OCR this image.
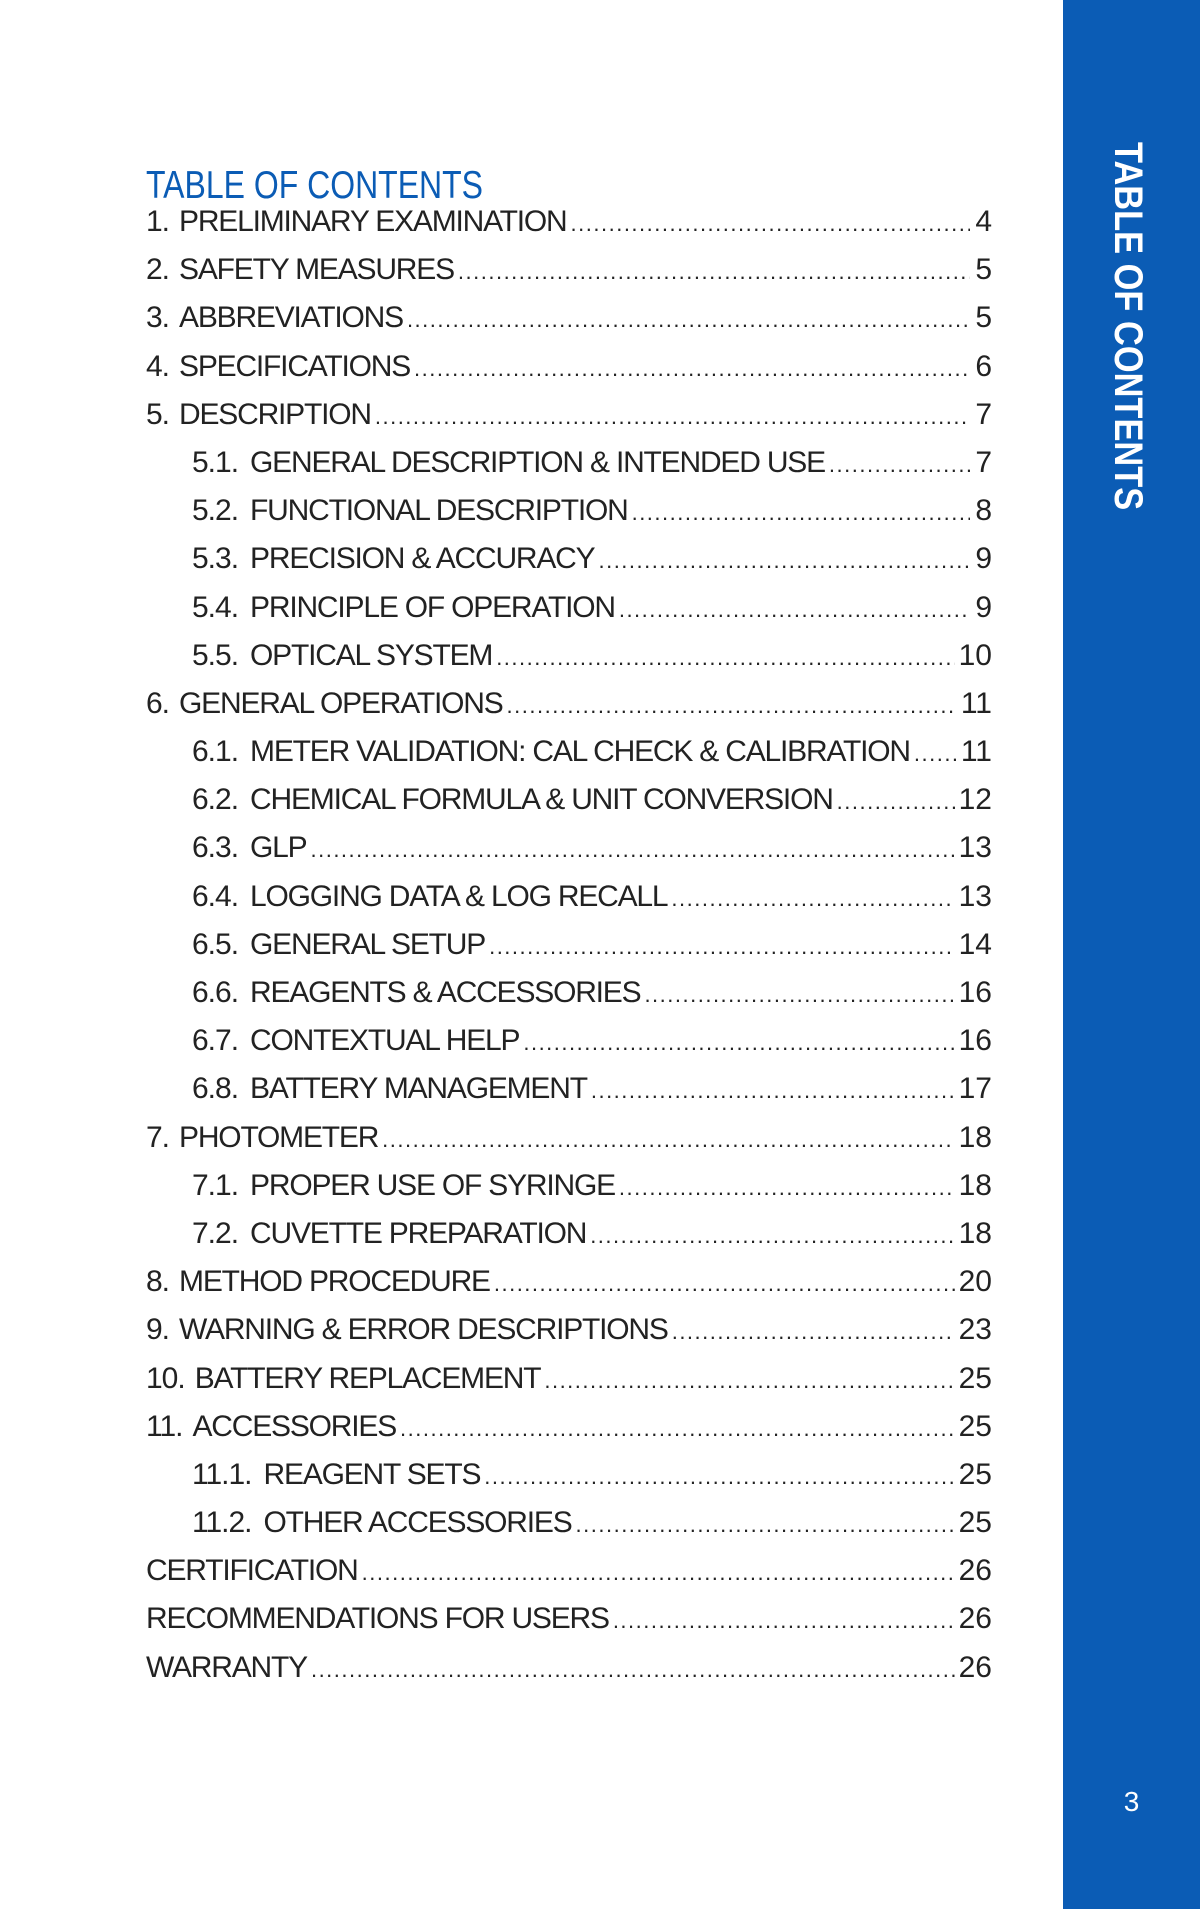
TABLE OF CONTENTS
1. PRELIMINARY EXAMINATION .....	4
2. SAFETY MEASURES .....	5
3. ABBREVIATIONS .....	5
4. SPECIFICATIONS .....	6
5. DESCRIPTION .....	7
5.1. GENERAL DESCRIPTION & INTENDED USE .....	7
5.2. FUNCTIONAL DESCRIPTION .....	8
5.3. PRECISION & ACCURACY .....	9
5.4. PRINCIPLE OF OPERATION .....	9
5.5. OPTICAL SYSTEM .....	10
6. GENERAL OPERATIONS .....	11
6.1. METER VALIDATION: CAL CHECK & CALIBRATION ..... 11
6.2. CHEMICAL FORMULA & UNIT CONVERSION .....	12
6.3. GLP .....	13
6.4. LOGGING DATA & LOG RECALL .....	13
6.5. GENERAL SETUP .....	14
6.6. REAGENTS & ACCESSORIES .....	16
6.7. CONTEXTUAL HELP .....	16
6.8. BATTERY MANAGEMENT .....	17
7. PHOTOMETER .....	18
7.1. PROPER USE OF SYRINGE .....	18
7.2. CUVETTE PREPARATION .....	18
8. METHOD PROCEDURE .....	20
9. WARNING & ERROR DESCRIPTIONS .....	23
10. BATTERY REPLACEMENT .....	25
11. ACCESSORIES .....	25
11.1. REAGENT SETS .....	25
11.2. OTHER ACCESSORIES .....	25
CERTIFICATION .....	26
RECOMMENDATIONS FOR USERS .....	26
WARRANTY .....	26
TABLE OF CONTENTS
3
